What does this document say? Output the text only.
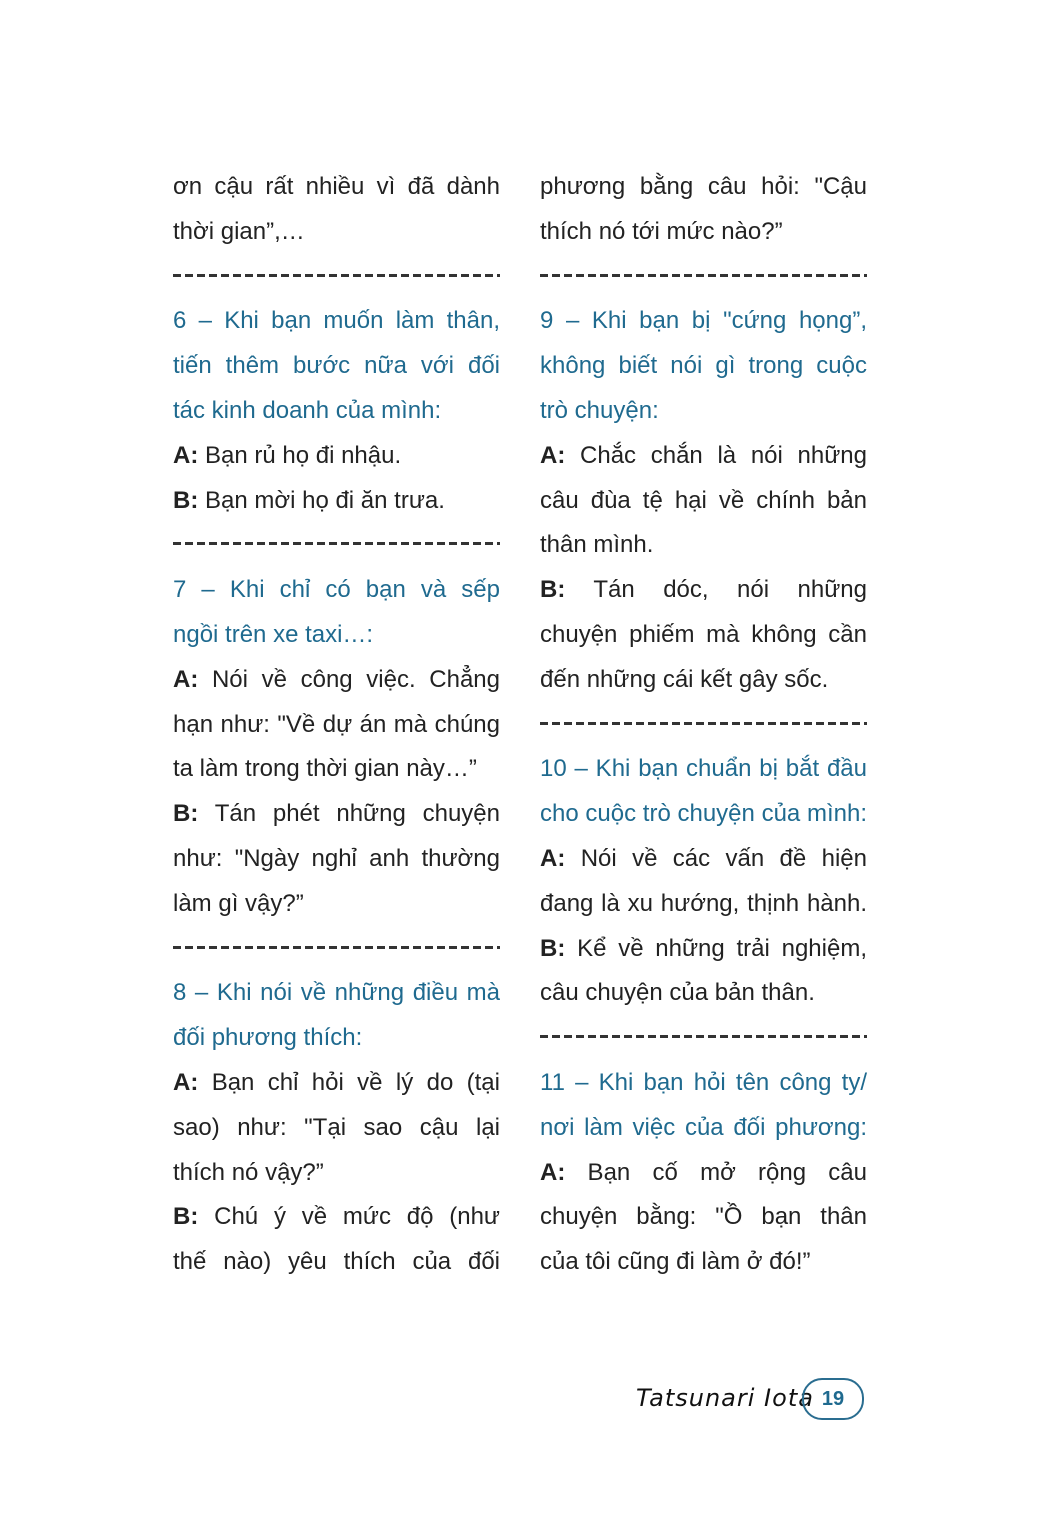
ơn cậu rất nhiều vì đã dành
thời gian”,…
6 – Khi bạn muốn làm thân,
tiến thêm bước nữa với đối
tác kinh doanh của mình:
A: Bạn rủ họ đi nhậu.
B: Bạn mời họ đi ăn trưa.
7 – Khi chỉ có bạn và sếp
ngồi trên xe taxi…:
A: Nói về công việc. Chẳng
hạn như: "Về dự án mà chúng
ta làm trong thời gian này…”
B: Tán phét những chuyện
như: "Ngày nghỉ anh thường
làm gì vậy?”
8 – Khi nói về những điều mà
đối phương thích:
A: Bạn chỉ hỏi về lý do (tại
sao) như: "Tại sao cậu lại
thích nó vậy?”
B: Chú ý về mức độ (như
thế nào) yêu thích của đối
phương bằng câu hỏi: "Cậu
thích nó tới mức nào?”
9 – Khi bạn bị "cứng họng”,
không biết nói gì trong cuộc
trò chuyện:
A: Chắc chắn là nói những
câu đùa tệ hại về chính bản
thân mình.
B: Tán dóc, nói những
chuyện phiếm mà không cần
đến những cái kết gây sốc.
10 – Khi bạn chuẩn bị bắt đầu
cho cuộc trò chuyện của mình:
A: Nói về các vấn đề hiện
đang là xu hướng, thịnh hành.
B: Kể về những trải nghiệm,
câu chuyện của bản thân.
11 – Khi bạn hỏi tên công ty/
nơi làm việc của đối phương:
A: Bạn cố mở rộng câu
chuyện bằng: "Ồ bạn thân
của tôi cũng đi làm ở đó!”
Tatsunari Iota 19
